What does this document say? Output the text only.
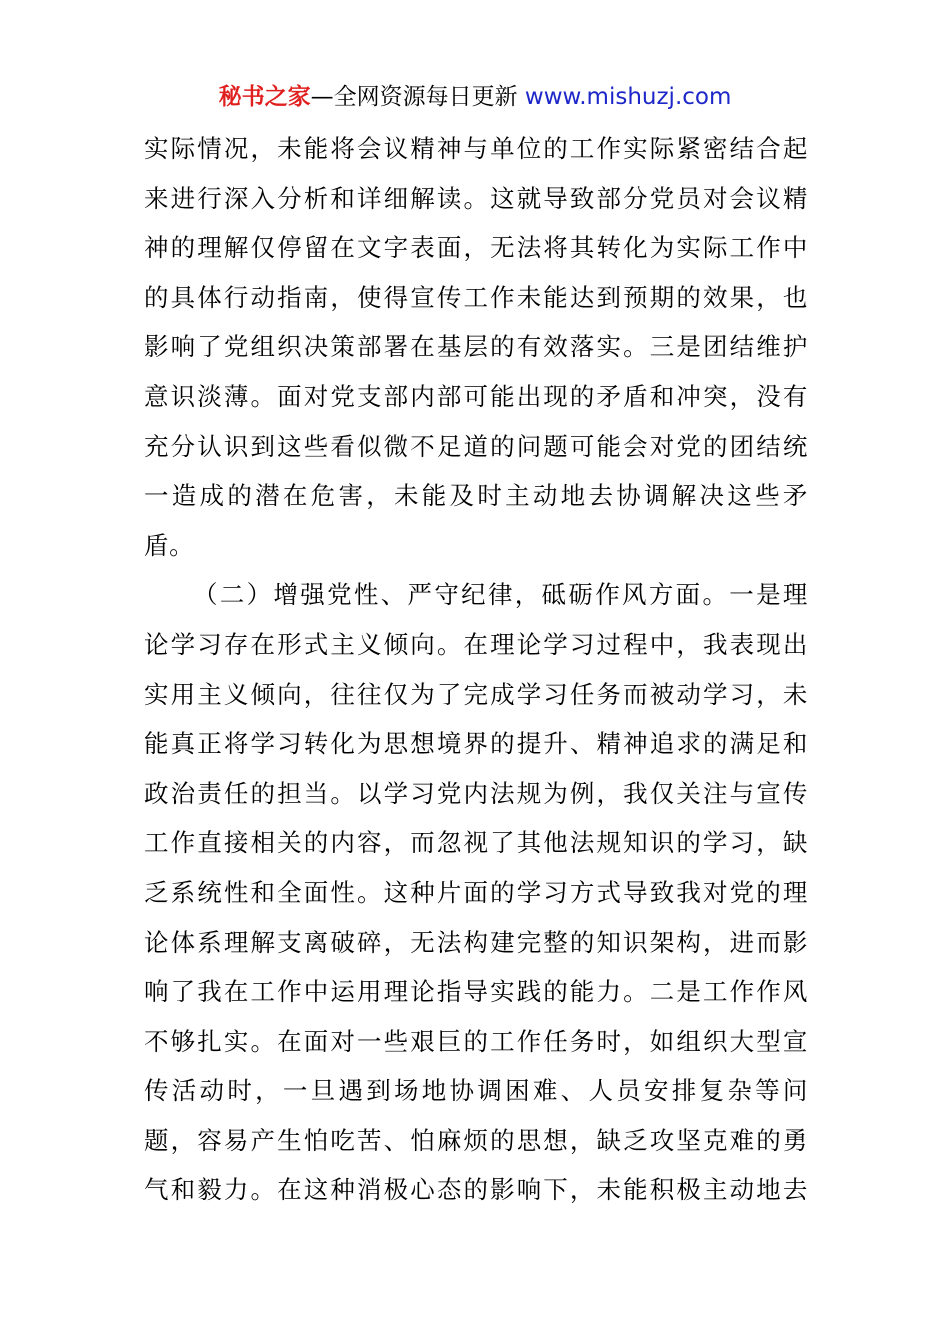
秘书之家—全网资源每日更新 www.mishuzj.com
实际情况，未能将会议精神与单位的工作实际紧密结合起
来进行深入分析和详细解读。这就导致部分党员对会议精
神的理解仅停留在文字表面，无法将其转化为实际工作中
的具体行动指南，使得宣传工作未能达到预期的效果，也
影响了党组织决策部署在基层的有效落实。三是团结维护
意识淡薄。面对党支部内部可能出现的矛盾和冲突，没有
充分认识到这些看似微不足道的问题可能会对党的团结统
一造成的潜在危害，未能及时主动地去协调解决这些矛
盾。
（二）增强党性、严守纪律，砥砺作风方面。一是理
论学习存在形式主义倾向。在理论学习过程中，我表现出
实用主义倾向，往往仅为了完成学习任务而被动学习，未
能真正将学习转化为思想境界的提升、精神追求的满足和
政治责任的担当。以学习党内法规为例，我仅关注与宣传
工作直接相关的内容，而忽视了其他法规知识的学习，缺
乏系统性和全面性。这种片面的学习方式导致我对党的理
论体系理解支离破碎，无法构建完整的知识架构，进而影
响了我在工作中运用理论指导实践的能力。二是工作作风
不够扎实。在面对一些艰巨的工作任务时，如组织大型宣
传活动时，一旦遇到场地协调困难、人员安排复杂等问
题，容易产生怕吃苦、怕麻烦的思想，缺乏攻坚克难的勇
气和毅力。在这种消极心态的影响下，未能积极主动地去
